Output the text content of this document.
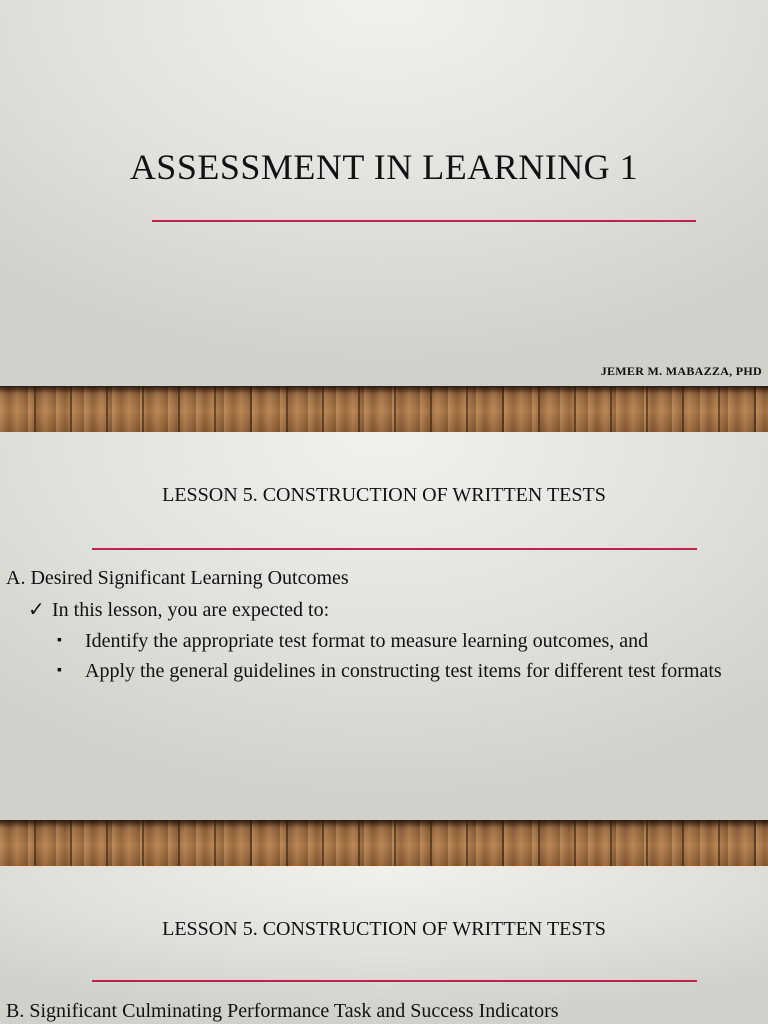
ASSESSMENT IN LEARNING 1
JEMER M. MABAZZA, PHD
LESSON 5. CONSTRUCTION OF WRITTEN TESTS
A. Desired Significant Learning Outcomes
✓ In this lesson, you are expected to:
▪	Identify the appropriate test format to measure learning outcomes, and
▪	Apply the general guidelines in constructing test items for different test formats
LESSON 5. CONSTRUCTION OF WRITTEN TESTS
B. Significant Culminating Performance Task and Success Indicators
